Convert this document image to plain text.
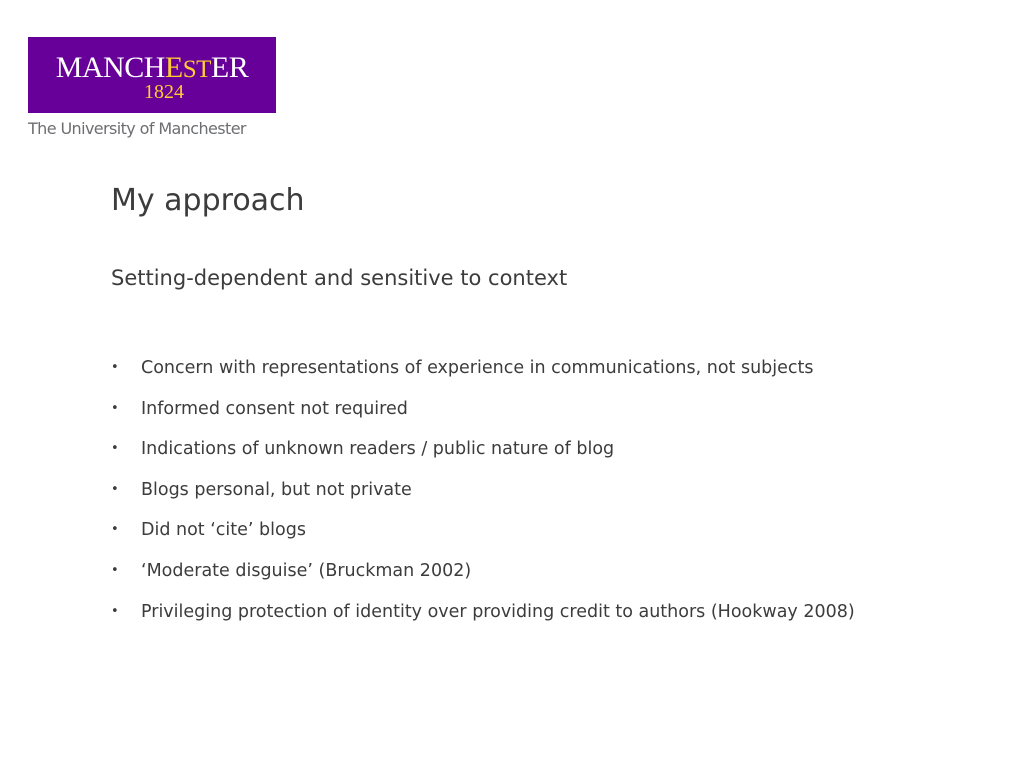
MANCHESTER
1824
The University of Manchester
My approach
Setting-dependent and sensitive to context
•	Concern with representations of experience in communications, not subjects
•	Informed consent not required
•	Indications of unknown readers / public nature of blog
•	Blogs personal, but not private
•	Did not ‘cite’ blogs
•	‘Moderate disguise’ (Bruckman 2002)
•	Privileging protection of identity over providing credit to authors (Hookway 2008)
